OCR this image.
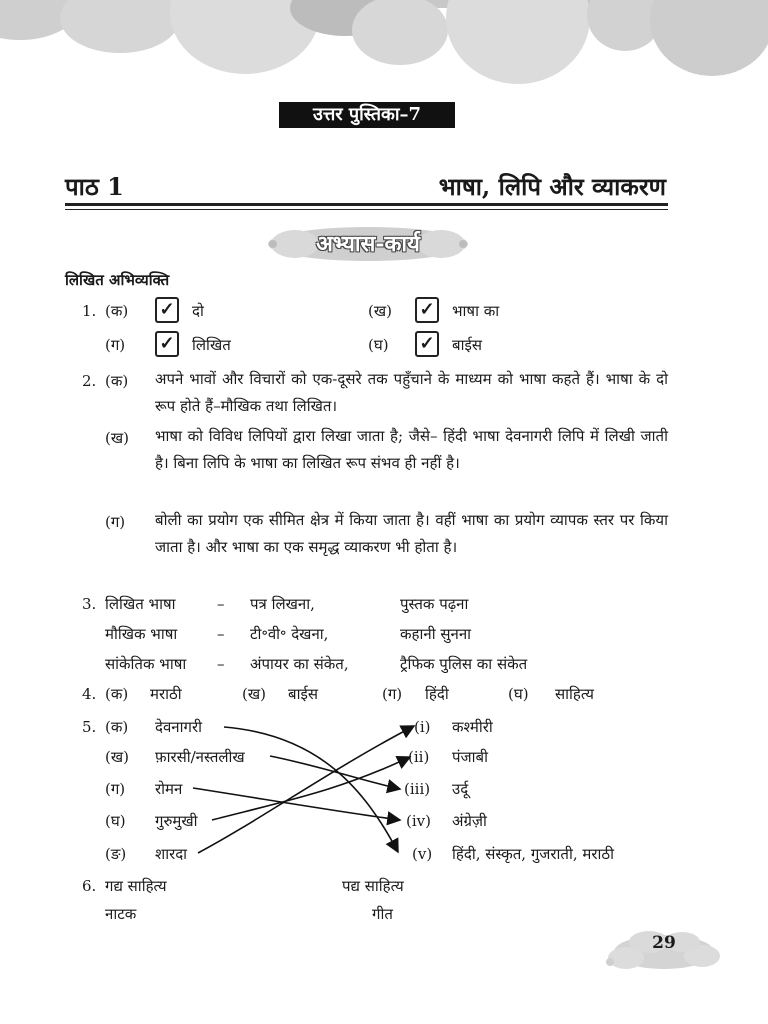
उत्तर पुस्तिका–7
पाठ 1	भाषा, लिपि और व्याकरण
अभ्यास-कार्य
लिखित अभिव्यक्ति
1. (क) ✓ दो	(ख) ✓ भाषा का
(ग) ✓ लिखित	(घ) ✓ बाईस
2. (क) अपने भावों और विचारों को एक-दूसरे तक पहुँचाने के माध्यम को भाषा कहते हैं। भाषा के दो रूप होते हैं–मौखिक तथा लिखित।
(ख) भाषा को विविध लिपियों द्वारा लिखा जाता है; जैसे– हिंदी भाषा देवनागरी लिपि में लिखी जाती है। बिना लिपि के भाषा का लिखित रूप संभव ही नहीं है।
(ग) बोली का प्रयोग एक सीमित क्षेत्र में किया जाता है। वहीं भाषा का प्रयोग व्यापक स्तर पर किया जाता है। और भाषा का एक समृद्ध व्याकरण भी होता है।
3. लिखित भाषा	– पत्र लिखना,	पुस्तक पढ़ना
मौखिक भाषा	– टी॰वी॰ देखना,	कहानी सुनना
सांकेतिक भाषा – अंपायर का संकेत,	ट्रैफिक पुलिस का संकेत
4. (क) मराठी	(ख) बाईस	(ग) हिंदी	(घ) साहित्य
5. (क) देवनागरी
(ख) फ़ारसी/नस्तलीख
(ग) रोमन
(घ) गुरुमुखी
(ङ) शारदा
(i) कश्मीरी
(ii) पंजाबी
(iii) उर्दू
(iv) अंग्रेज़ी
(v) हिंदी, संस्कृत, गुजराती, मराठी
6. गद्य साहित्य	पद्य साहित्य
नाटक	गीत
29
